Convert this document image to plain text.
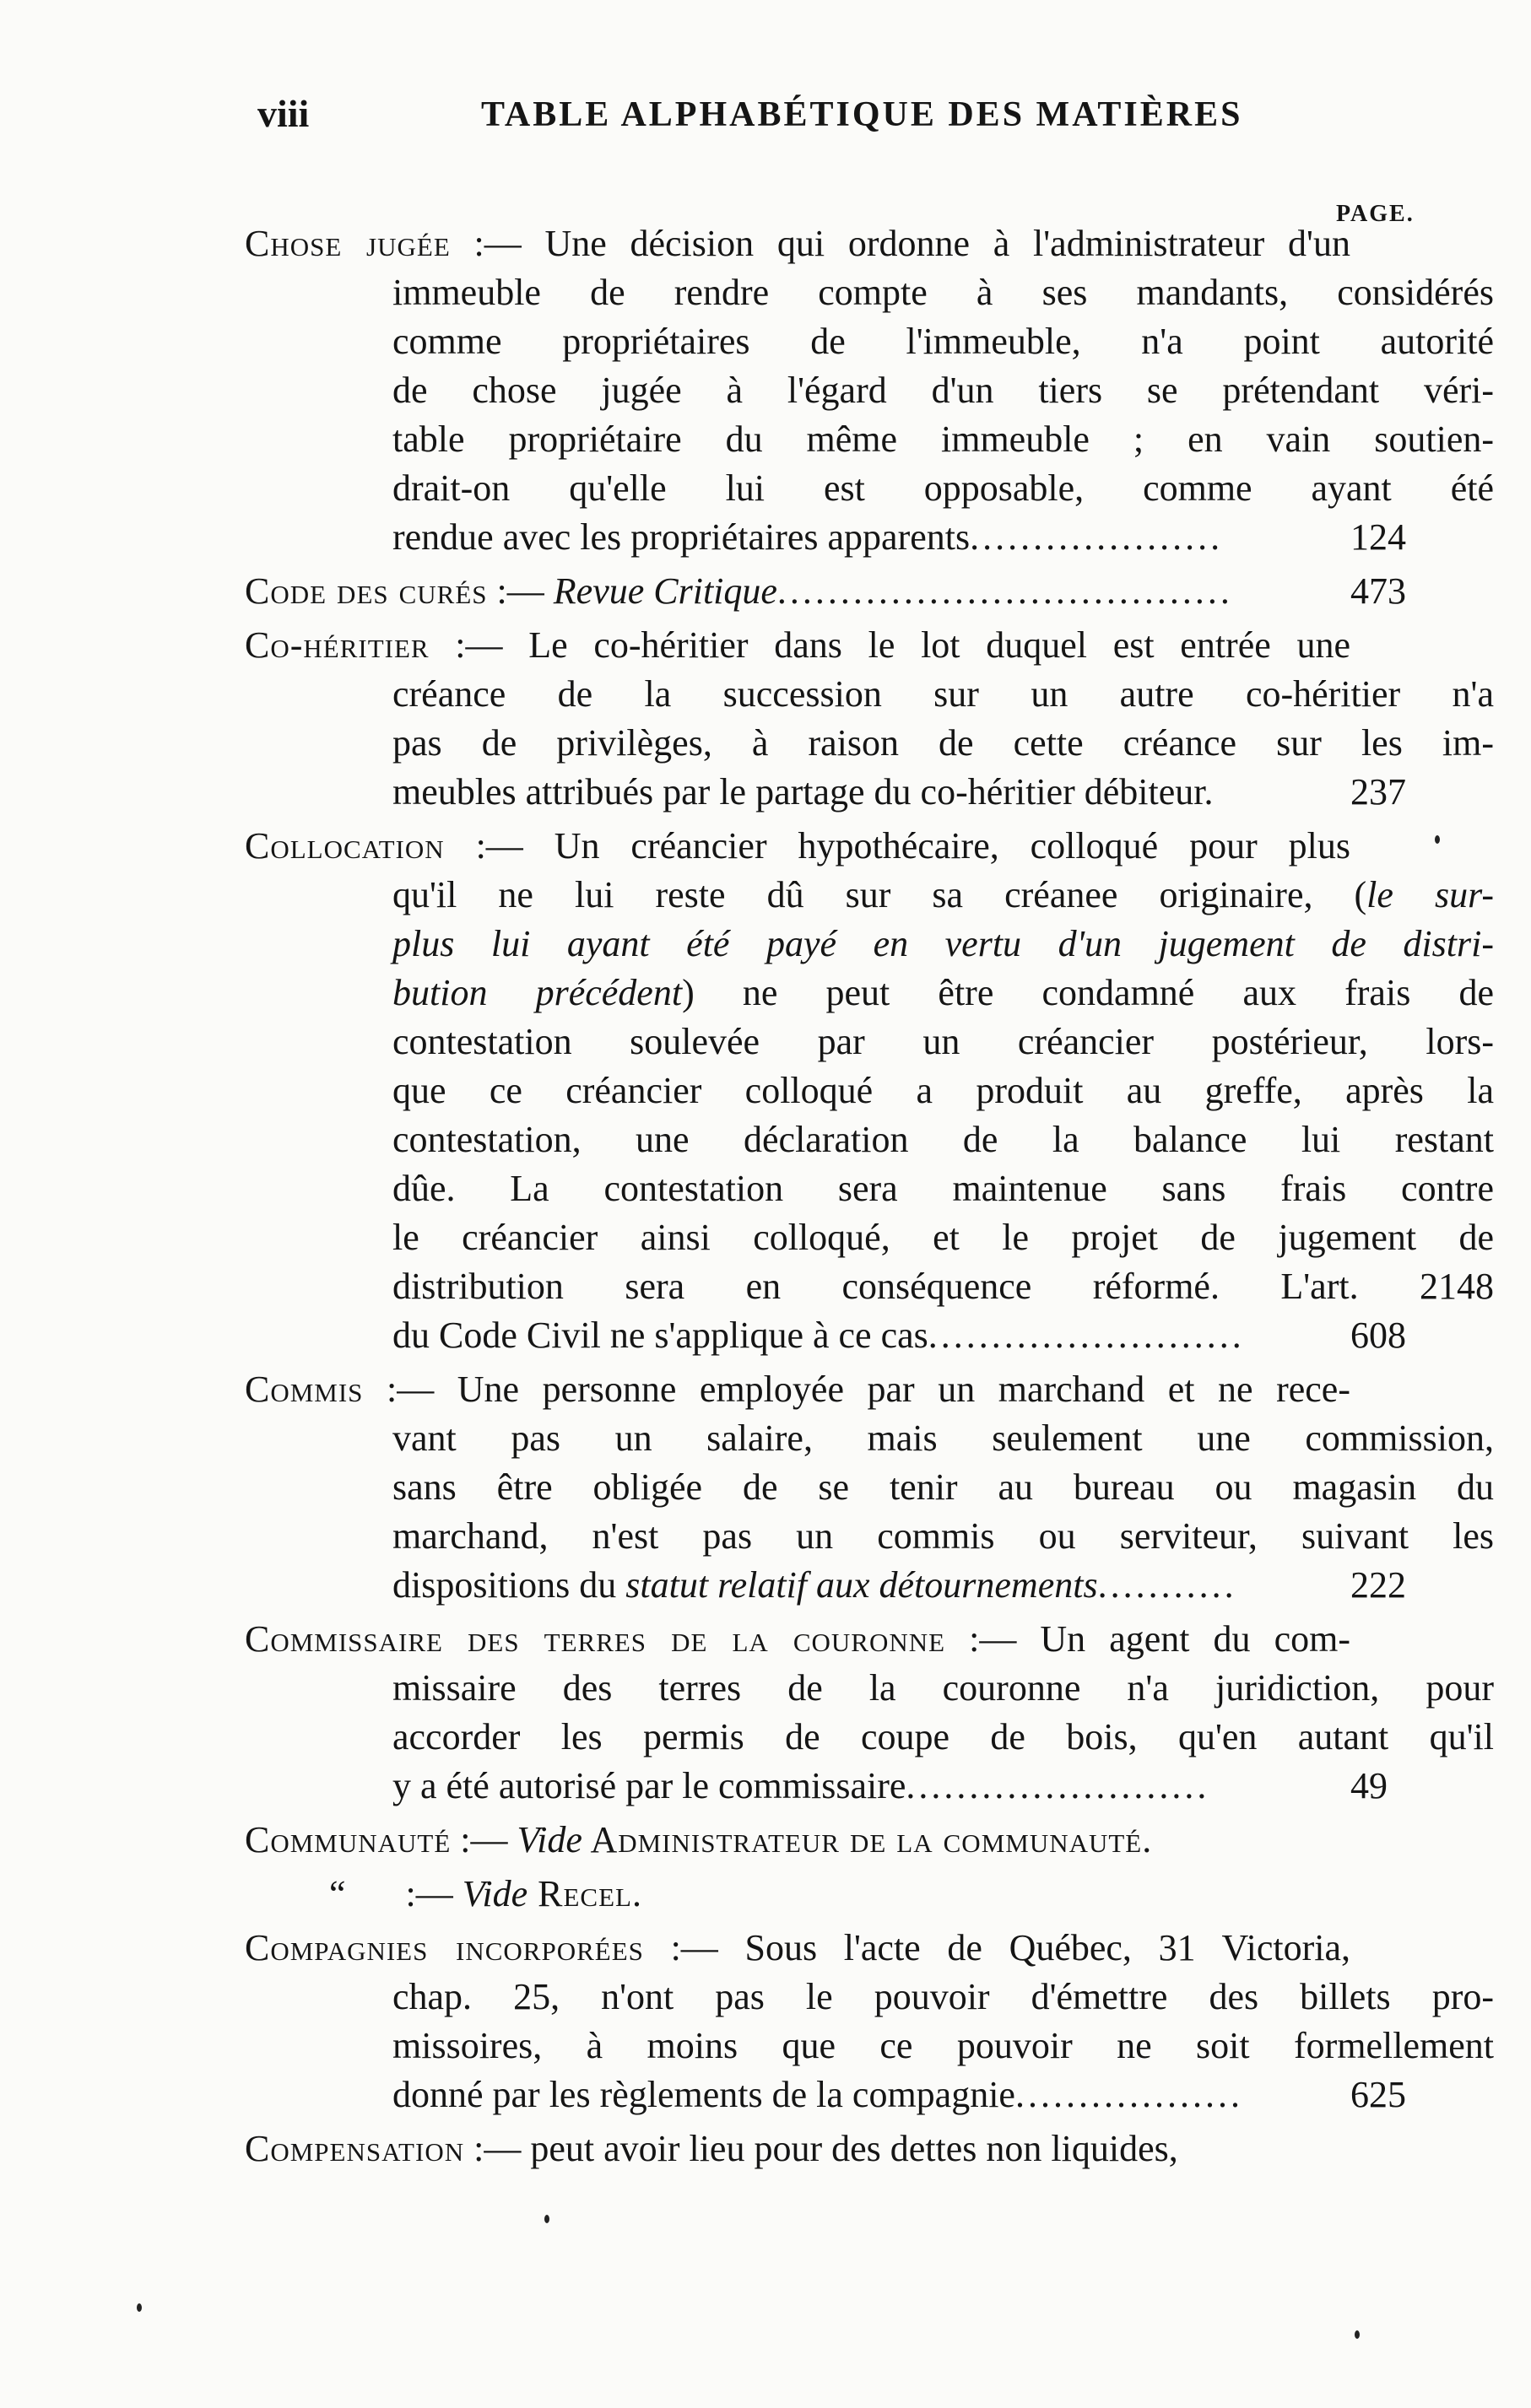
viii	TABLE ALPHABÉTIQUE DES MATIÈRES
PAGE.
Chose jugée :— Une décision qui ordonne à l'administrateur d'un
immeuble de rendre compte à ses mandants, considérés
comme propriétaires de l'immeuble, n'a point autorité
de chose jugée à l'égard d'un tiers se prétendant véri-
table propriétaire du même immeuble ; en vain soutien-
drait-on qu'elle lui est opposable, comme ayant été
rendue avec les propriétaires apparents....................	124
Code des curés :— Revue Critique....................................	473
Co-héritier :— Le co-héritier dans le lot duquel est entrée une
créance de la succession sur un autre co-héritier n'a
pas de privilèges, à raison de cette créance sur les im-
meubles attribués par le partage du co-héritier débiteur.	237
Collocation :— Un créancier hypothécaire, colloqué pour plus
qu'il ne lui reste dû sur sa créanee originaire, (le sur-
plus lui ayant été payé en vertu d'un jugement de distri-
bution précédent) ne peut être condamné aux frais de
contestation soulevée par un créancier postérieur, lors-
que ce créancier colloqué a produit au greffe, après la
contestation, une déclaration de la balance lui restant
dûe. La contestation sera maintenue sans frais contre
le créancier ainsi colloqué, et le projet de jugement de
distribution sera en conséquence réformé. L'art. 2148
du Code Civil ne s'applique à ce cas.........................	608
Commis :— Une personne employée par un marchand et ne rece-
vant pas un salaire, mais seulement une commission,
sans être obligée de se tenir au bureau ou magasin du
marchand, n'est pas un commis ou serviteur, suivant les
dispositions du statut relatif aux détournements...........	222
Commissaire des terres de la couronne :— Un agent du com-
missaire des terres de la couronne n'a juridiction, pour
accorder les permis de coupe de bois, qu'en autant qu'il
y a été autorisé par le commissaire........................	49
Communauté :— Vide Administrateur de la communauté.
“ :— Vide Recel.
Compagnies incorporées :— Sous l'acte de Québec, 31 Victoria,
chap. 25, n'ont pas le pouvoir d'émettre des billets pro-
missoires, à moins que ce pouvoir ne soit formellement
donné par les règlements de la compagnie..................	625
Compensation :— peut avoir lieu pour des dettes non liquides,
